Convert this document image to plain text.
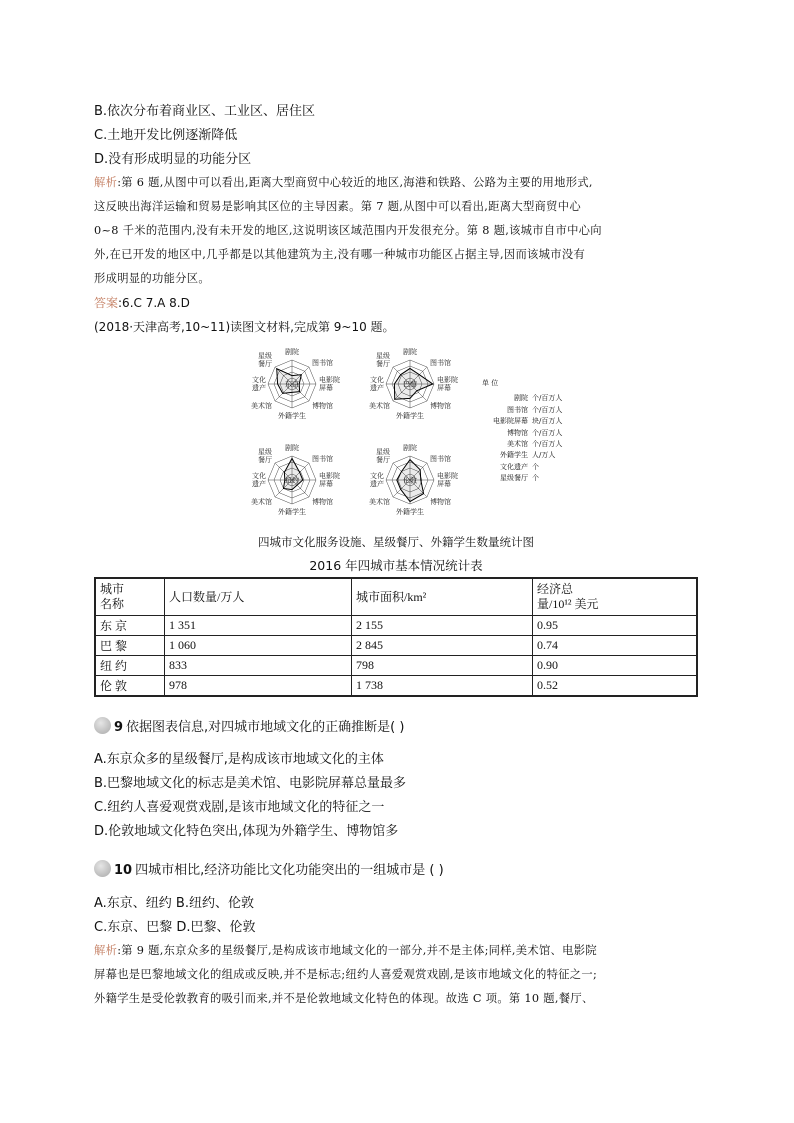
B.依次分布着商业区、工业区、居住区
C.土地开发比例逐渐降低
D.没有形成明显的功能分区
解析:第 6 题,从图中可以看出,距离大型商贸中心较近的地区,海港和铁路、公路为主要的用地形式,
这反映出海洋运输和贸易是影响其区位的主导因素。第 7 题,从图中可以看出,距离大型商贸中心
0~8 千米的范围内,没有未开发的地区,这说明该区域范围内开发很充分。第 8 题,该城市自市中心向
外,在已开发的地区中,几乎都是以其他建筑为主,没有哪一种城市功能区占据主导,因而该城市没有
形成明显的功能分区。
答案:6.C 7.A 8.D
(2018·天津高考,10~11)读图文材料,完成第 9~10 题。
东京
剧院
图书馆
电影院
屏幕
博物馆
外籍学生
美术馆
文化
遗产
星级
餐厅
巴黎
剧院
图书馆
电影院
屏幕
博物馆
外籍学生
美术馆
文化
遗产
星级
餐厅
纽约
剧院
图书馆
电影院
屏幕
博物馆
外籍学生
美术馆
文化
遗产
星级
餐厅
伦敦
剧院
图书馆
电影院
屏幕
博物馆
外籍学生
美术馆
文化
遗产
星级
餐厅
单 位
剧院 个/百万人
图书馆 个/百万人
电影院屏幕 块/百万人
博物馆 个/百万人
美术馆 个/百万人
外籍学生 人/万人
文化遗产 个
星级餐厅 个
四城市文化服务设施、星级餐厅、外籍学生数量统计图
2016 年四城市基本情况统计表
城市
名称	人口数量/万人	城市面积/km²	经济总
量/10¹² 美元
东 京	1 351	2 155	0.95
巴 黎	1 060	2 845	0.74
纽 约	833	798	0.90
伦 敦	978	1 738	0.52
9 依据图表信息,对四城市地域文化的正确推断是( )
A.东京众多的星级餐厅,是构成该市地域文化的主体
B.巴黎地域文化的标志是美术馆、电影院屏幕总量最多
C.纽约人喜爱观赏戏剧,是该市地域文化的特征之一
D.伦敦地域文化特色突出,体现为外籍学生、博物馆多
10 四城市相比,经济功能比文化功能突出的一组城市是 ( )
A.东京、纽约 B.纽约、伦敦
C.东京、巴黎 D.巴黎、伦敦
解析:第 9 题,东京众多的星级餐厅,是构成该市地域文化的一部分,并不是主体;同样,美术馆、电影院
屏幕也是巴黎地域文化的组成或反映,并不是标志;纽约人喜爱观赏戏剧,是该市地域文化的特征之一;
外籍学生是受伦敦教育的吸引而来,并不是伦敦地域文化特色的体现。故选 C 项。第 10 题,餐厅、
